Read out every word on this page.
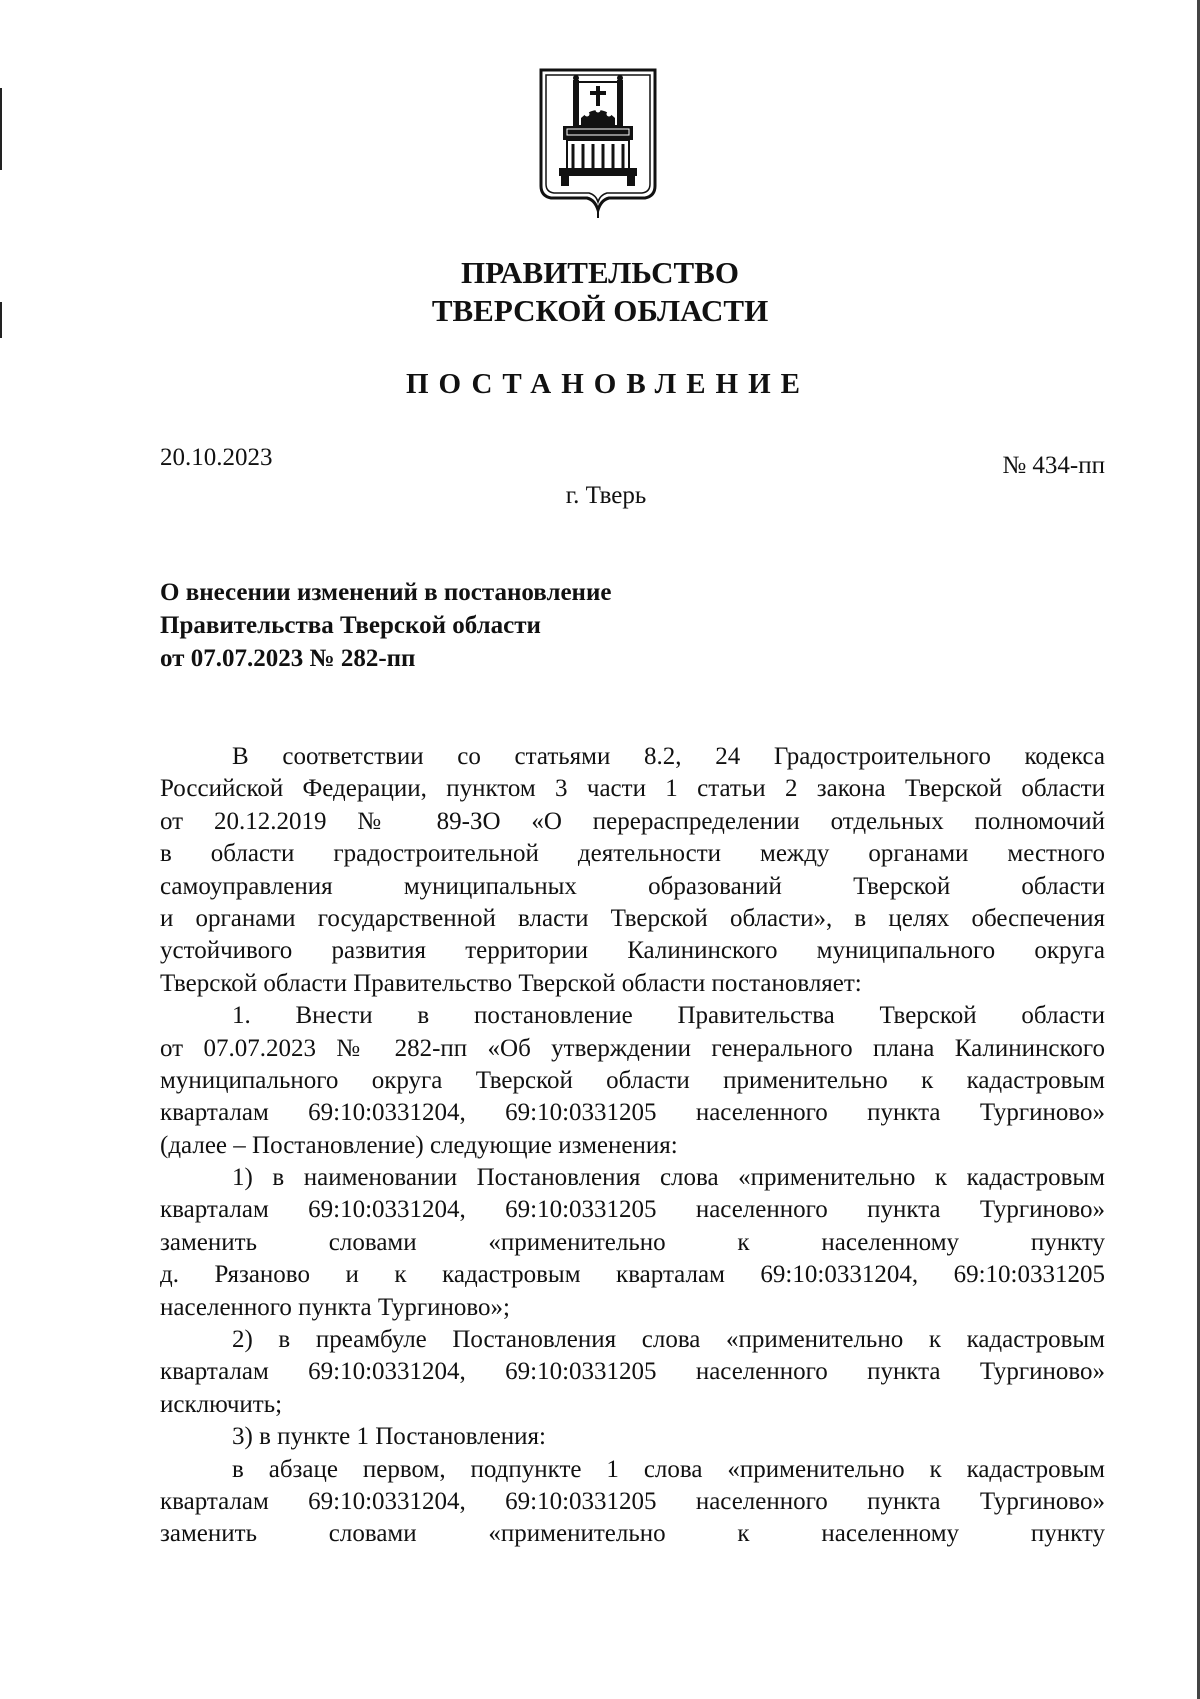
ПРАВИТЕЛЬСТВО
ТВЕРСКОЙ ОБЛАСТИ
ПОСТАНОВЛЕНИЕ
20.10.2023	№ 434-пп
г. Тверь
О внесении изменений в постановление
Правительства Тверской области
от 07.07.2023 № 282-пп
В соответствии со статьями 8.2, 24 Градостроительного кодекса
Российской Федерации, пунктом 3 части 1 статьи 2 закона Тверской области
от 20.12.2019 № 89-ЗО «О перераспределении отдельных полномочий
в области градостроительной деятельности между органами местного
самоуправления муниципальных образований Тверской области
и органами государственной власти Тверской области», в целях обеспечения
устойчивого развития территории Калининского муниципального округа
Тверской области Правительство Тверской области постановляет:
1. Внести в постановление Правительства Тверской области
от 07.07.2023 № 282-пп «Об утверждении генерального плана Калининского
муниципального округа Тверской области применительно к кадастровым
кварталам 69:10:0331204, 69:10:0331205 населенного пункта Тургиново»
(далее – Постановление) следующие изменения:
1) в наименовании Постановления слова «применительно к кадастровым
кварталам 69:10:0331204, 69:10:0331205 населенного пункта Тургиново»
заменить словами «применительно к населенному пункту
д. Рязаново и к кадастровым кварталам 69:10:0331204, 69:10:0331205
населенного пункта Тургиново»;
2) в преамбуле Постановления слова «применительно к кадастровым
кварталам 69:10:0331204, 69:10:0331205 населенного пункта Тургиново»
исключить;
3) в пункте 1 Постановления:
в абзаце первом, подпункте 1 слова «применительно к кадастровым
кварталам 69:10:0331204, 69:10:0331205 населенного пункта Тургиново»
заменить словами «применительно к населенному пункту
